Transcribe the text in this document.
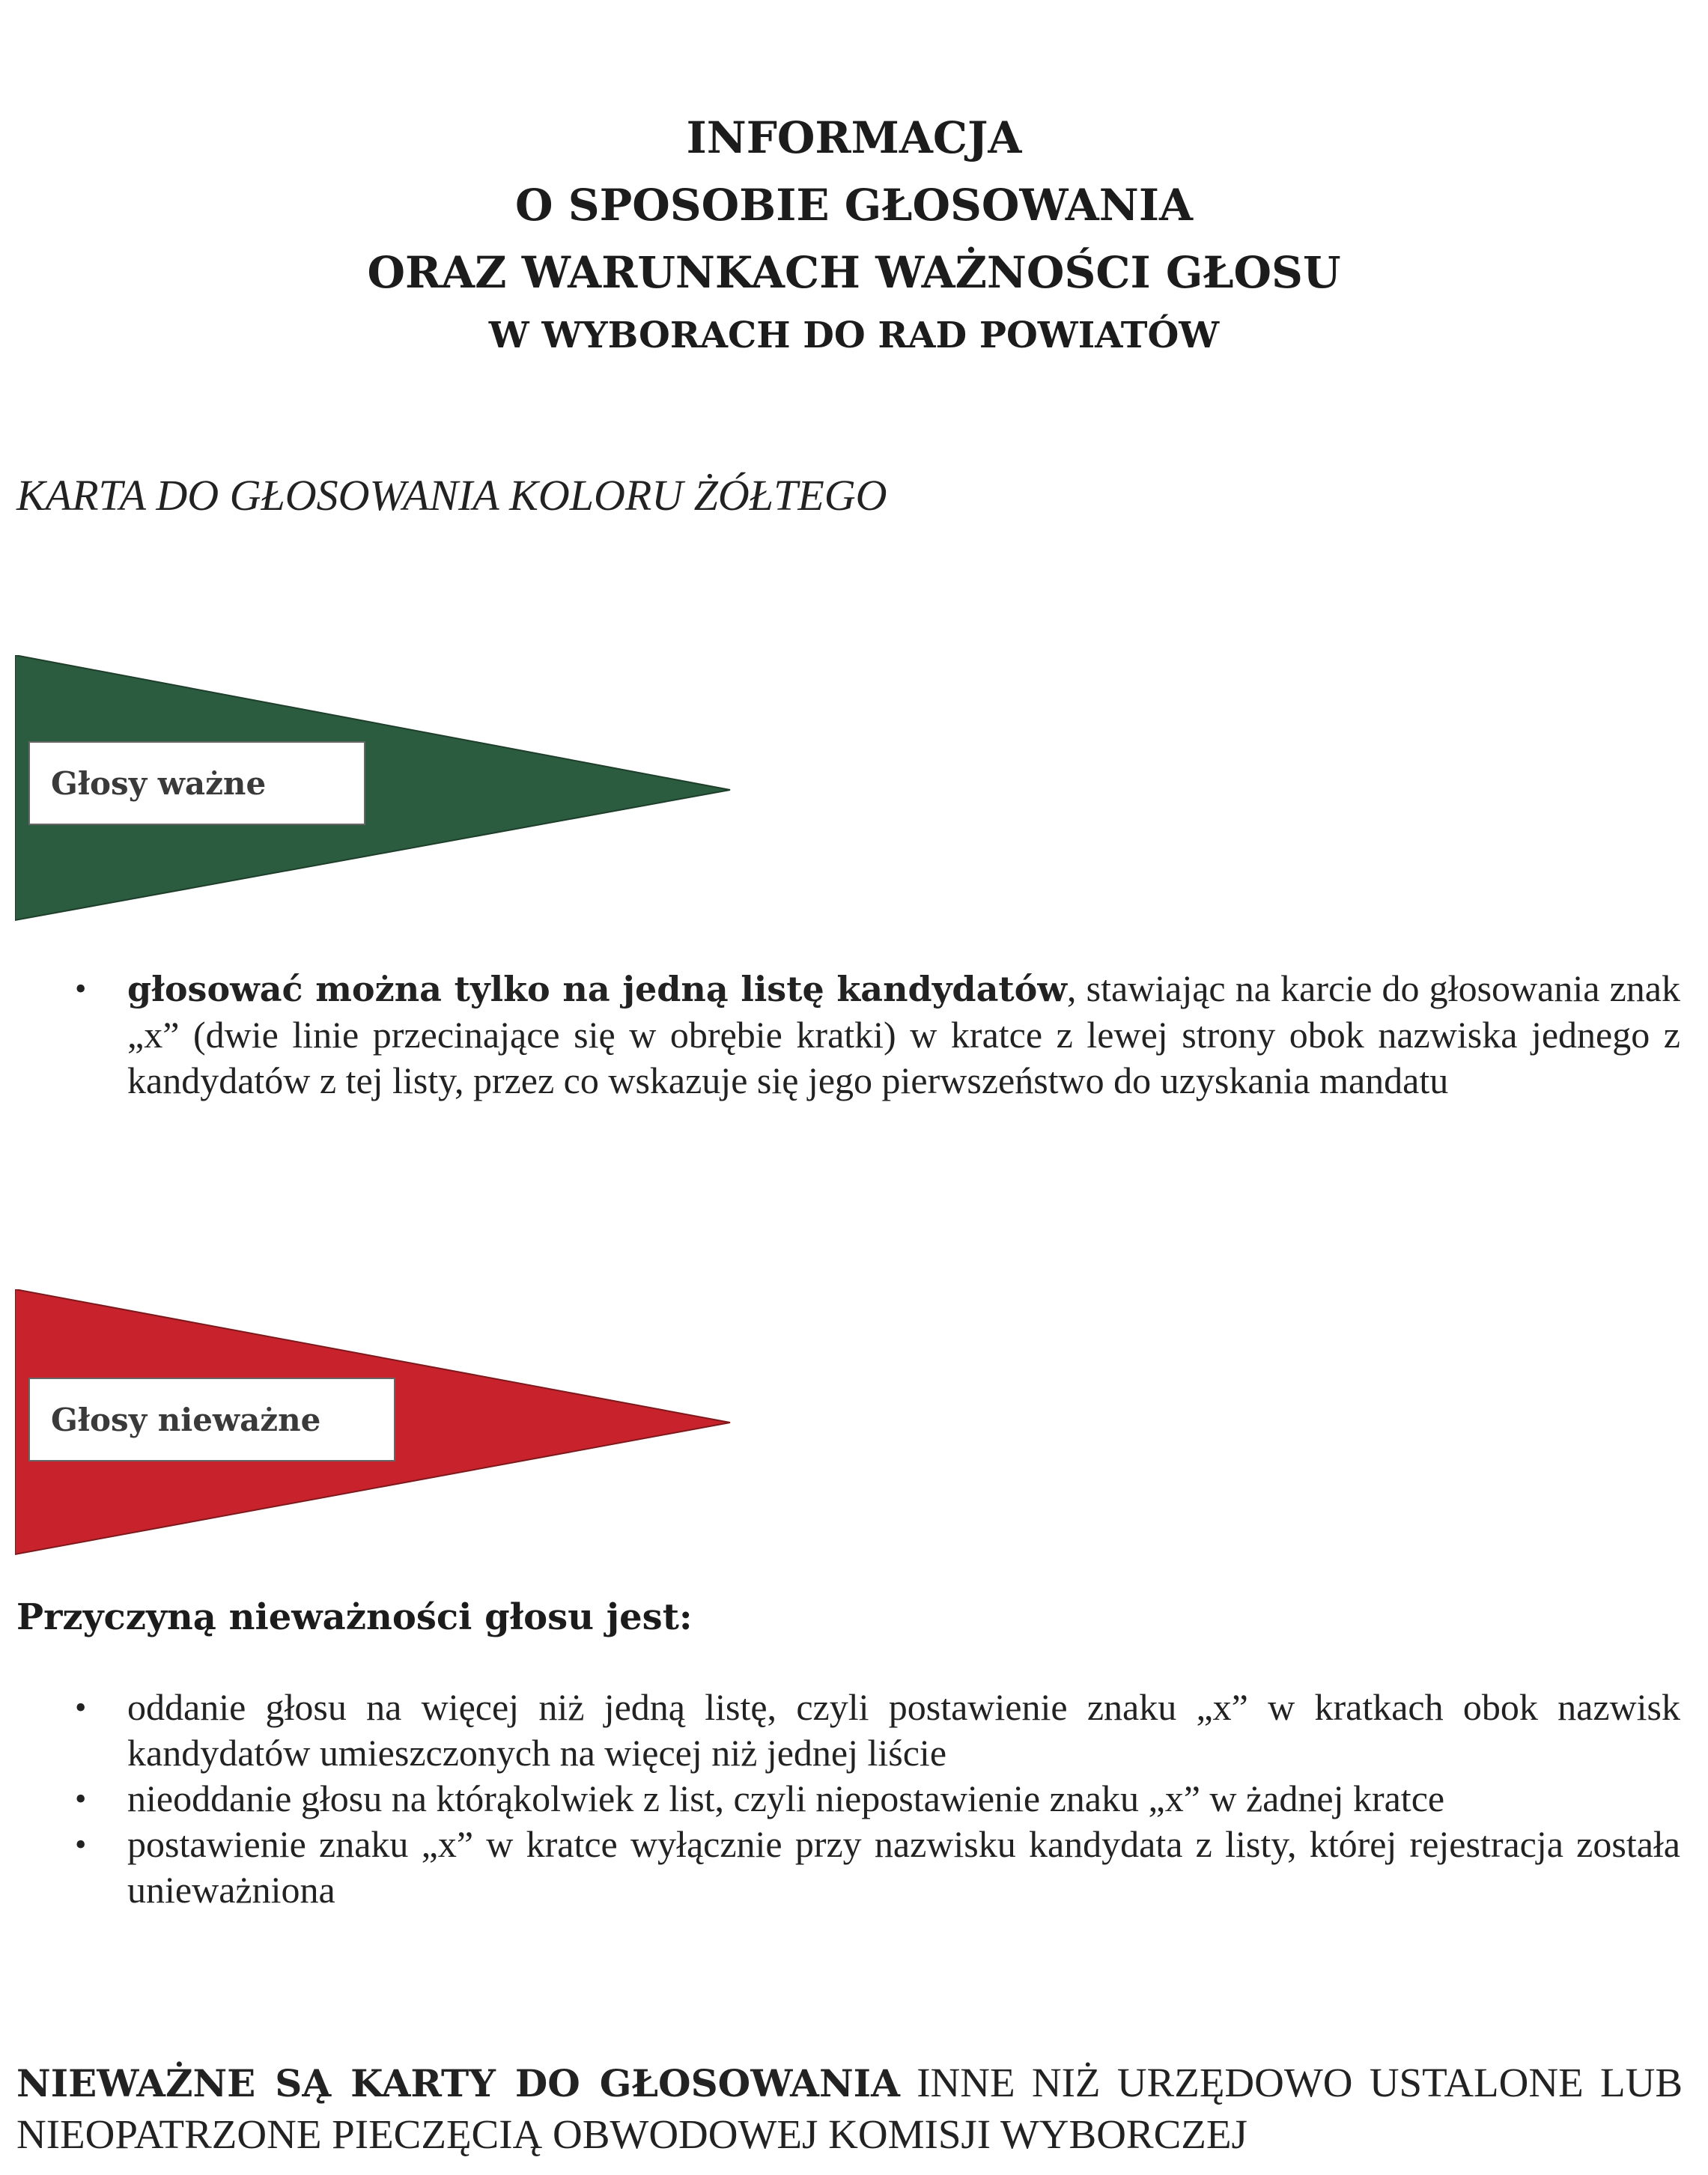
INFORMACJA
O SPOSOBIE GŁOSOWANIA
ORAZ WARUNKACH WAŻNOŚCI GŁOSU
W WYBORACH DO RAD POWIATÓW

KARTA DO GŁOSOWANIA KOLORU ŻÓŁTEGO

Głosy ważne
• głosować można tylko na jedną listę kandydatów, stawiając na karcie do głosowania znak „x” (dwie linie przecinające się w obrębie kratki) w kratce z lewej strony obok nazwiska jednego z kandydatów z tej listy, przez co wskazuje się jego pierwszeństwo do uzyskania mandatu
Głosy nieważne

Przyczyną nieważności głosu jest:

• oddanie głosu na więcej niż jedną listę, czyli postawienie znaku „x” w kratkach obok nazwisk kandydatów umieszczonych na więcej niż jednej liście
• nieoddanie głosu na którąkolwiek z list, czyli niepostawienie znaku „x” w żadnej kratce
• postawienie znaku „x” w kratce wyłącznie przy nazwisku kandydata z listy, której rejestracja została unieważniona

NIEWAŻNE SĄ KARTY DO GŁOSOWANIA INNE NIŻ URZĘDOWO USTALONE LUB NIEOPATRZONE PIECZĘCIĄ OBWODOWEJ KOMISJI WYBORCZEJ
